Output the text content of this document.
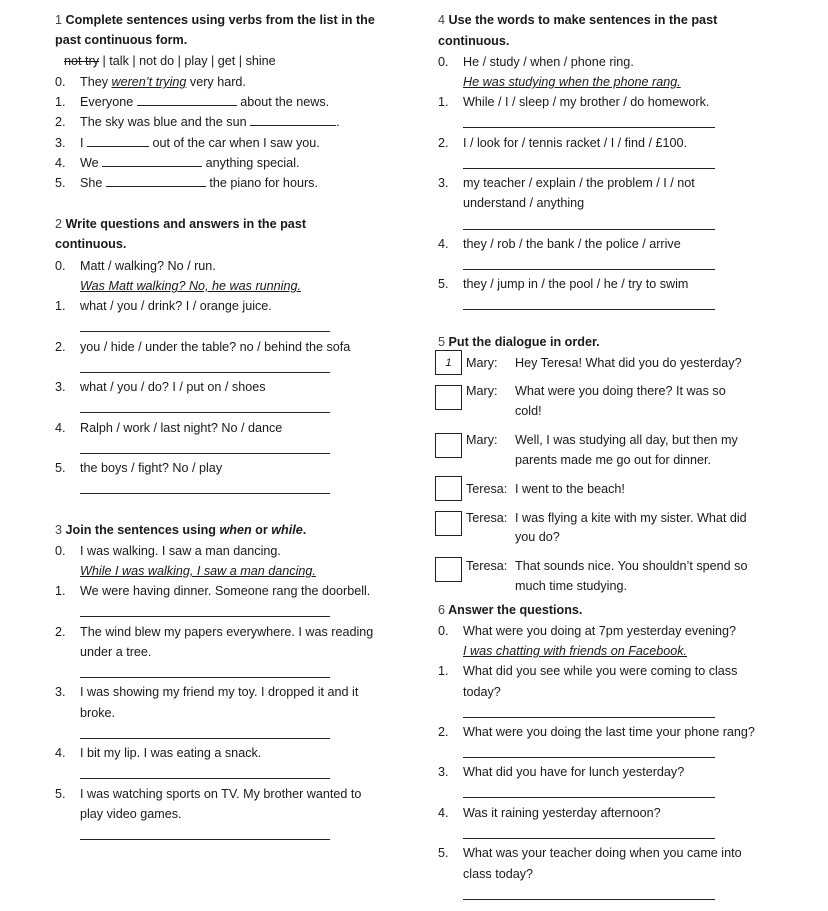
1 Complete sentences using verbs from the list in the
past continuous form.
not try | talk | not do | play | get | shine
0. They weren’t trying very hard.
1. Everyone	about the news.
2. The sky was blue and the sun	.
3. I	out of the car when I saw you.
4. We	anything special.
5. She	the piano for hours.
2 Write questions and answers in the past
continuous.
0. Matt / walking? No / run.
Was Matt walking? No, he was running.
1. what / you / drink? I / orange juice.
2. you / hide / under the table? no / behind the sofa
3. what / you / do? I / put on / shoes
4. Ralph / work / last night? No / dance
5. the boys / fight? No / play
3 Join the sentences using when or while.
0. I was walking. I saw a man dancing.
While I was walking, I saw a man dancing.
1. We were having dinner. Someone rang the doorbell.
2. The wind blew my papers everywhere. I was reading
under a tree.
3. I was showing my friend my toy. I dropped it and it
broke.
4. I bit my lip. I was eating a snack.
5. I was watching sports on TV. My brother wanted to
play video games.
4 Use the words to make sentences in the past
continuous.
0. He / study / when / phone ring.
He was studying when the phone rang.
1. While / I / sleep / my brother / do homework.
2. I / look for / tennis racket / I / find / £100.
3. my teacher / explain / the problem / I / not
understand / anything
4. they / rob / the bank / the police / arrive
5. they / jump in / the pool / he / try to swim
5 Put the dialogue in order.
1	Mary: Hey Teresa! What did you do yesterday?
Mary: What were you doing there? It was so
cold!
Mary: Well, I was studying all day, but then my
parents made me go out for dinner.
Teresa: I went to the beach!
Teresa: I was flying a kite with my sister. What did
you do?
Teresa: That sounds nice. You shouldn’t spend so
much time studying.
6 Answer the questions.
0. What were you doing at 7pm yesterday evening?
I was chatting with friends on Facebook.
1. What did you see while you were coming to class
today?
2. What were you doing the last time your phone rang?
3. What did you have for lunch yesterday?
4. Was it raining yesterday afternoon?
5. What was your teacher doing when you came into
class today?
